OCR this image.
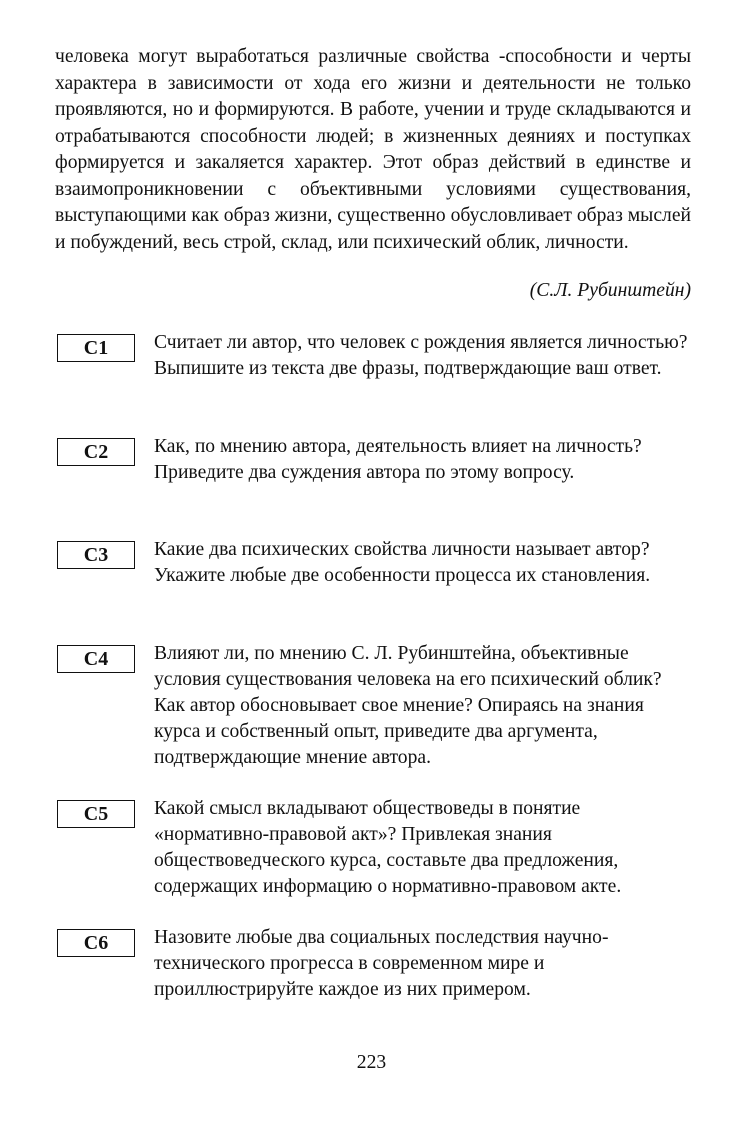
человека могут выработаться различные свойства -способности и черты характера в зависимости от хода его жизни и деятельности не только проявляются, но и формируются. В работе, учении и труде складываются и отрабатываются способности людей; в жизненных деяниях и поступках формируется и закаляется характер. Этот образ действий в единстве и взаимопроникновении с объективными условиями существования, выступающими как образ жизни, существенно обусловливает образ мыслей и побуждений, весь строй, склад, или психический облик, личности.

(С.Л. Рубинштейн)
C1	Считает ли автор, что человек с рождения является личностью? Выпишите из текста две фразы, подтверждающие ваш ответ.
C2	Как, по мнению автора, деятельность влияет на личность? Приведите два суждения автора по этому вопросу.
C3	Какие два психических свойства личности называет автор? Укажите любые две особенности процесса их становления.
C4	Влияют ли, по мнению С. Л. Рубинштейна, объективные условия существования человека на его психический облик? Как автор обосновывает свое мнение? Опираясь на знания курса и собственный опыт, приведите два аргумента, подтверждающие мнение автора.
C5	Какой смысл вкладывают обществоведы в понятие «нормативно-правовой акт»? Привлекая знания обществоведческого курса, составьте два предложения, содержащих информацию о нормативно-правовом акте.
C6	Назовите любые два социальных последствия научно-технического прогресса в современном мире и проиллюстрируйте каждое из них примером.
223
